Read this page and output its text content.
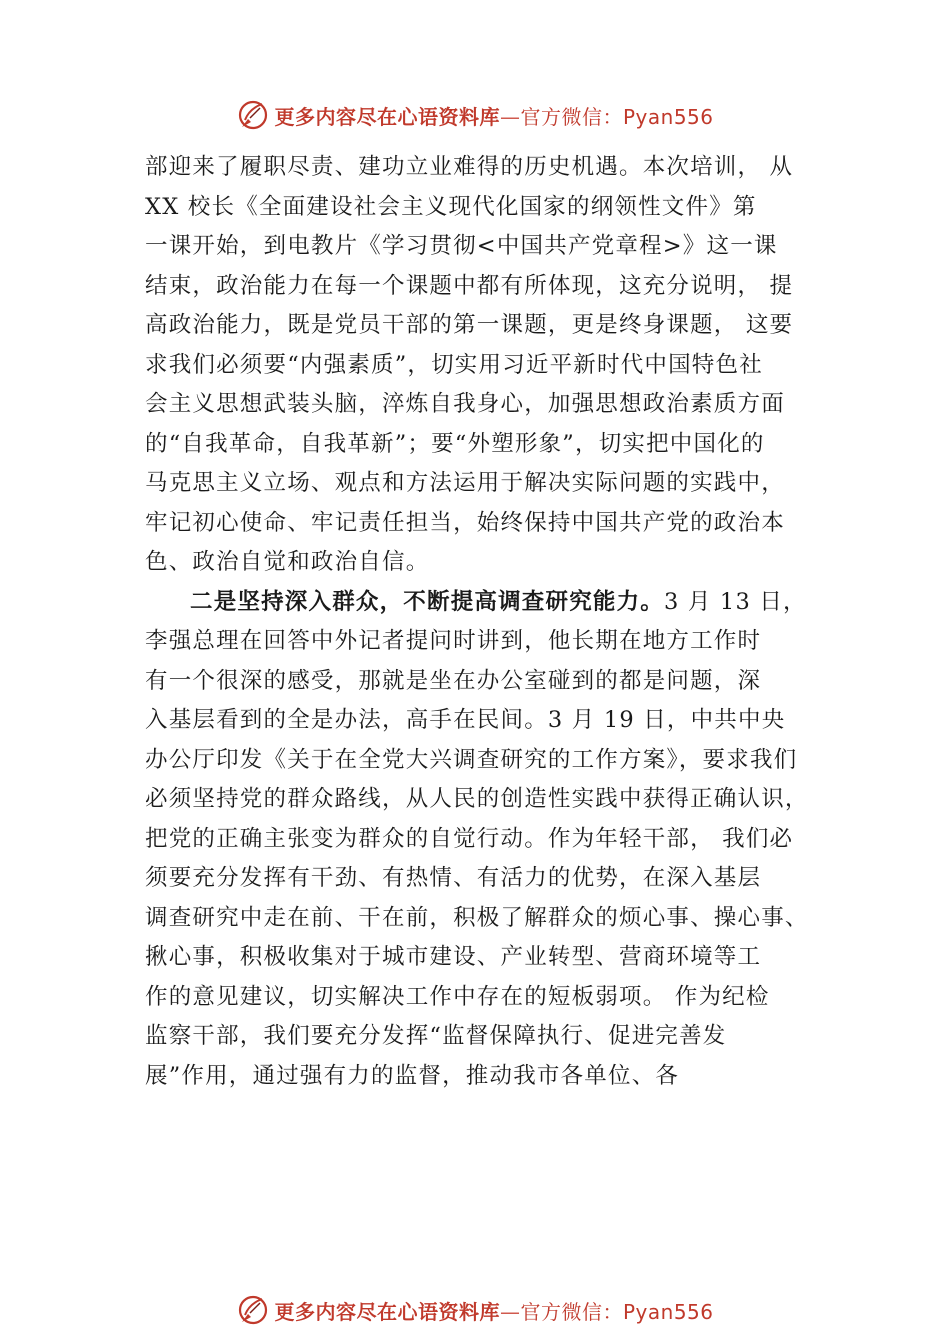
更多内容尽在心语资料库—官方微信：Pyan556
部迎来了履职尽责、建功立业难得的历史机遇。本次培训， 从
XX 校长《全面建设社会主义现代化国家的纲领性文件》第
一课开始，到电教片《学习贯彻<中国共产党章程>》这一课
结束，政治能力在每一个课题中都有所体现，这充分说明， 提
高政治能力，既是党员干部的第一课题，更是终身课题， 这要
求我们必须要“内强素质”，切实用习近平新时代中国特色社
会主义思想武装头脑，淬炼自我身心，加强思想政治素质方面
的“自我革命，自我革新”；要“外塑形象”，切实把中国化的
马克思主义立场、观点和方法运用于解决实际问题的实践中，
牢记初心使命、牢记责任担当，始终保持中国共产党的政治本
色、政治自觉和政治自信。
二是坚持深入群众，不断提高调查研究能力。3 月 13 日，
李强总理在回答中外记者提问时讲到，他长期在地方工作时
有一个很深的感受，那就是坐在办公室碰到的都是问题，深
入基层看到的全是办法，高手在民间。3 月 19 日，中共中央
办公厅印发《关于在全党大兴调查研究的工作方案》，要求我们
必须坚持党的群众路线，从人民的创造性实践中获得正确认识，
把党的正确主张变为群众的自觉行动。作为年轻干部， 我们必
须要充分发挥有干劲、有热情、有活力的优势，在深入基层
调查研究中走在前、干在前，积极了解群众的烦心事、操心事、
揪心事，积极收集对于城市建设、产业转型、营商环境等工
作的意见建议，切实解决工作中存在的短板弱项。 作为纪检
监察干部，我们要充分发挥“监督保障执行、促进完善发
展”作用，通过强有力的监督，推动我市各单位、各
更多内容尽在心语资料库—官方微信：Pyan556
